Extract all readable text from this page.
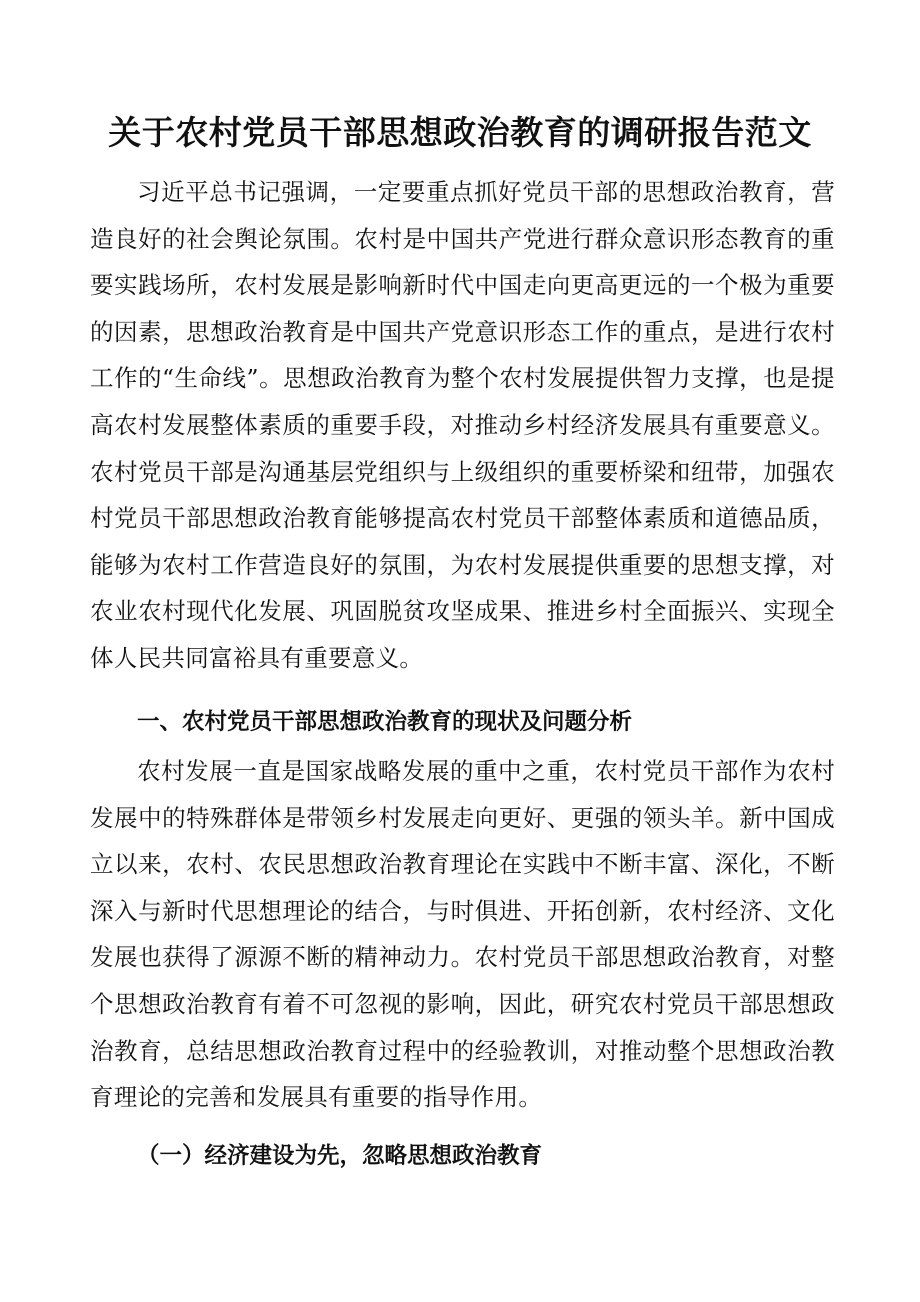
关于农村党员干部思想政治教育的调研报告范文

习近平总书记强调，一定要重点抓好党员干部的思想政治教育，营造良好的社会舆论氛围。农村是中国共产党进行群众意识形态教育的重要实践场所，农村发展是影响新时代中国走向更高更远的一个极为重要的因素，思想政治教育是中国共产党意识形态工作的重点，是进行农村工作的“生命线”。思想政治教育为整个农村发展提供智力支撑，也是提高农村发展整体素质的重要手段，对推动乡村经济发展具有重要意义。农村党员干部是沟通基层党组织与上级组织的重要桥梁和纽带，加强农村党员干部思想政治教育能够提高农村党员干部整体素质和道德品质，能够为农村工作营造良好的氛围，为农村发展提供重要的思想支撑，对农业农村现代化发展、巩固脱贫攻坚成果、推进乡村全面振兴、实现全体人民共同富裕具有重要意义。

一、农村党员干部思想政治教育的现状及问题分析

农村发展一直是国家战略发展的重中之重，农村党员干部作为农村发展中的特殊群体是带领乡村发展走向更好、更强的领头羊。新中国成立以来，农村、农民思想政治教育理论在实践中不断丰富、深化，不断深入与新时代思想理论的结合，与时俱进、开拓创新，农村经济、文化发展也获得了源源不断的精神动力。农村党员干部思想政治教育，对整个思想政治教育有着不可忽视的影响，因此，研究农村党员干部思想政治教育，总结思想政治教育过程中的经验教训，对推动整个思想政治教育理论的完善和发展具有重要的指导作用。

（一）经济建设为先，忽略思想政治教育
